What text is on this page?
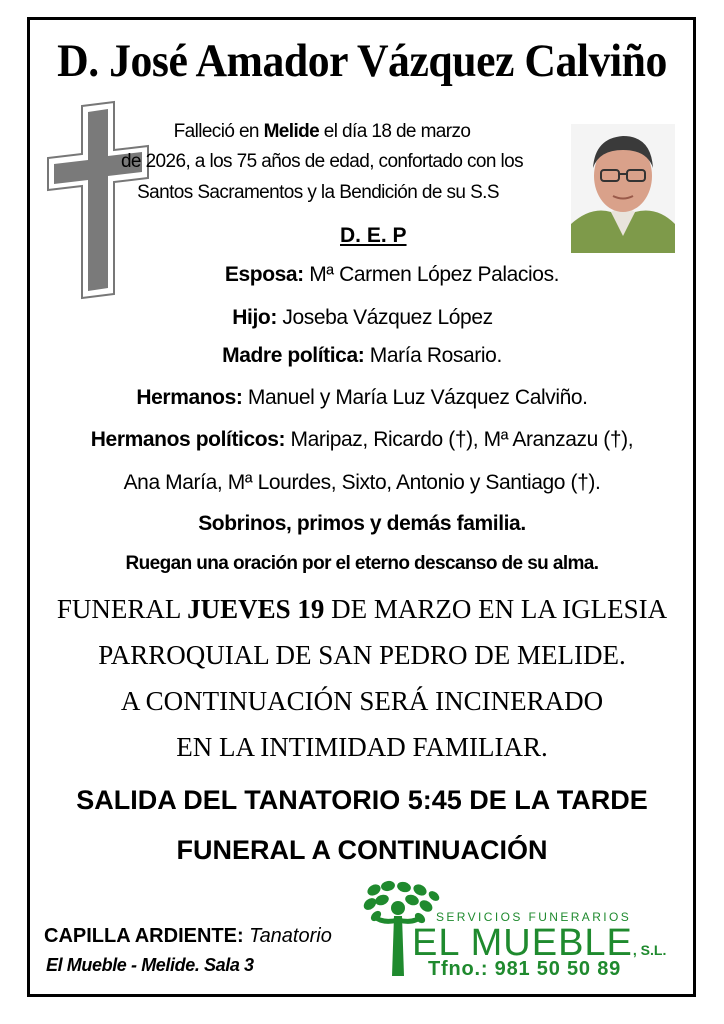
D. José Amador Vázquez Calviño
Falleció en Melide el día 18 de marzo
de 2026, a los 75 años de edad, confortado con los
Santos Sacramentos y la Bendición de su S.S
D. E. P
Esposa: Mª Carmen López Palacios.
Hijo: Joseba Vázquez López
Madre política: María Rosario.
Hermanos: Manuel y María Luz Vázquez Calviño.
Hermanos políticos: Maripaz, Ricardo (†), Mª Aranzazu (†),
Ana María, Mª Lourdes, Sixto, Antonio y Santiago (†).
Sobrinos, primos y demás familia.
Ruegan una oración por el eterno descanso de su alma.
FUNERAL JUEVES 19 DE MARZO EN LA IGLESIA
PARROQUIAL DE SAN PEDRO DE MELIDE.
A CONTINUACIÓN SERÁ INCINERADO
EN LA INTIMIDAD FAMILIAR.
SALIDA DEL TANATORIO 5:45 DE LA TARDE
FUNERAL A CONTINUACIÓN
CAPILLA ARDIENTE: Tanatorio
El Mueble - Melide. Sala 3
SERVICIOS FUNERARIOS
EL MUEBLE, S.L.
Tfno.: 981 50 50 89
